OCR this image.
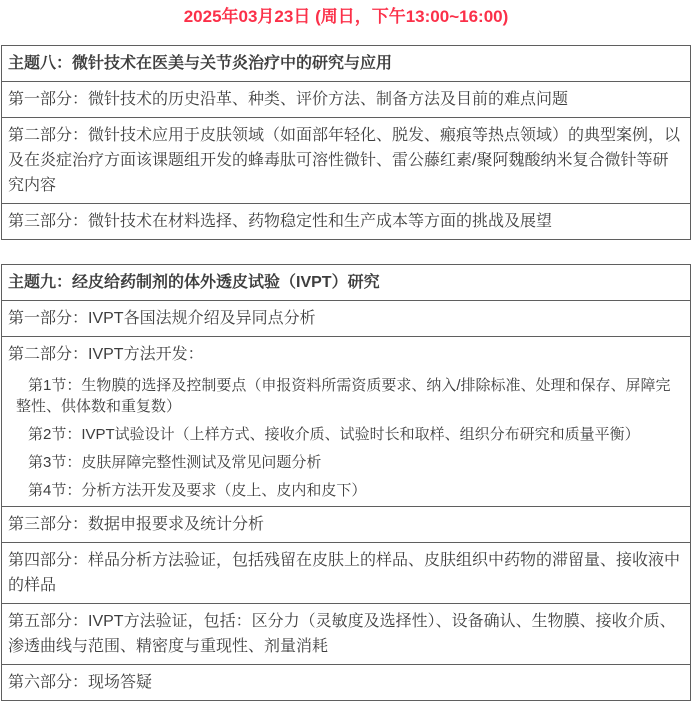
2025年03月23日 (周日，下午13:00~16:00)
主题八：微针技术在医美与关节炎治疗中的研究与应用
第一部分：微针技术的历史沿革、种类、评价方法、制备方法及目前的难点问题
第二部分：微针技术应用于皮肤领域（如面部年轻化、脱发、瘢痕等热点领域）的典型案例，以及在炎症治疗方面该课题组开发的蜂毒肽可溶性微针、雷公藤红素/聚阿魏酸纳米复合微针等研究内容
第三部分：微针技术在材料选择、药物稳定性和生产成本等方面的挑战及展望
主题九：经皮给药制剂的体外透皮试验（IVPT）研究
第一部分：IVPT各国法规介绍及异同点分析

第二部分：IVPT方法开发：

第1节：生物膜的选择及控制要点（申报资料所需资质要求、纳入/排除标准、处理和保存、屏障完整性、供体数和重复数）

第2节：IVPT试验设计（上样方式、接收介质、试验时长和取样、组织分布研究和质量平衡）

第3节：皮肤屏障完整性测试及常见问题分析

第4节：分析方法开发及要求（皮上、皮内和皮下）

第三部分：数据申报要求及统计分析
第四部分：样品分析方法验证，包括残留在皮肤上的样品、皮肤组织中药物的滞留量、接收液中的样品
第五部分：IVPT方法验证，包括：区分力（灵敏度及选择性）、设备确认、生物膜、接收介质、渗透曲线与范围、精密度与重现性、剂量消耗
第六部分：现场答疑
